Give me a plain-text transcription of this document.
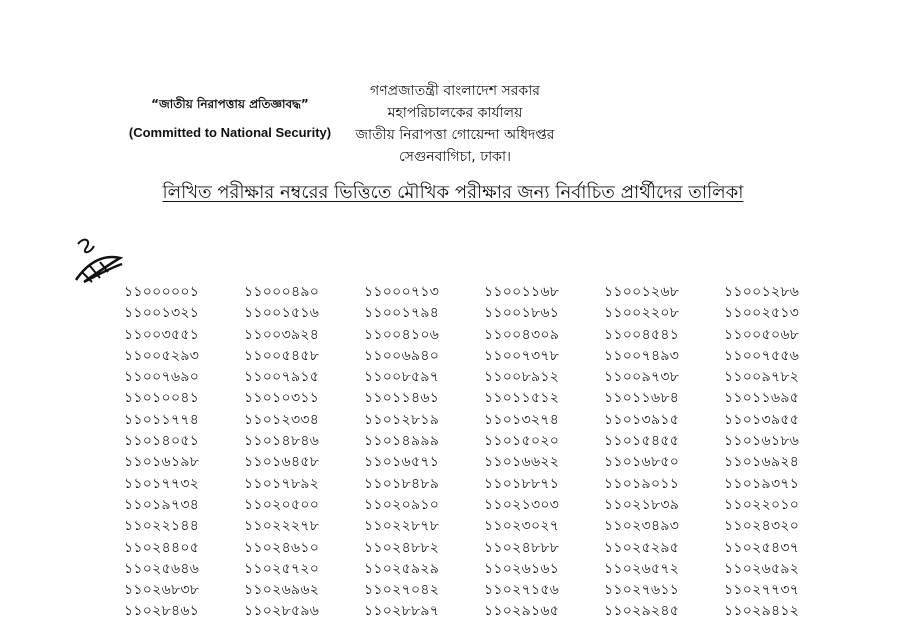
“জাতীয় নিরাপত্তায় প্রতিজ্ঞাবদ্ধ”
(Committed to National Security)
গণপ্রজাতন্ত্রী বাংলাদেশ সরকার
মহাপরিচালকের কার্যালয়
জাতীয় নিরাপত্তা গোয়েন্দা অধিদপ্তর
সেগুনবাগিচা, ঢাকা।
লিখিত পরীক্ষার নম্বরের ভিত্তিতে মৌখিক পরীক্ষার জন্য নির্বাচিত প্রার্থীদের তালিকা
১১০০০০০১	১১০০০৪৯০	১১০০০৭১৩	১১০০১১৬৮	১১০০১২৬৮	১১০০১২৮৬
১১০০১৩২১	১১০০১৫১৬	১১০০১৭৯৪	১১০০১৮৬১	১১০০২২০৮	১১০০২৫১৩
১১০০৩৫৫১	১১০০৩৯২৪	১১০০৪১০৬	১১০০৪৩০৯	১১০০৪৫৪১	১১০০৫০৬৮
১১০০৫২৯৩	১১০০৫৪৫৮	১১০০৬৯৪০	১১০০৭৩৭৮	১১০০৭৪৯৩	১১০০৭৫৫৬
১১০০৭৬৯০	১১০০৭৯১৫	১১০০৮৫৯৭	১১০০৮৯১২	১১০০৯৭৩৮	১১০০৯৭৮২
১১০১০০৪১	১১০১০৩১১	১১০১১৪৬১	১১০১১৫১২	১১০১১৬৮৪	১১০১১৬৯৫
১১০১১৭৭৪	১১০১২৩৩৪	১১০১২৮১৯	১১০১৩২৭৪	১১০১৩৯১৫	১১০১৩৯৫৫
১১০১৪০৫১	১১০১৪৮৪৬	১১০১৪৯৯৯	১১০১৫০২০	১১০১৫৪৫৫	১১০১৬১৮৬
১১০১৬১৯৮	১১০১৬৪৫৮	১১০১৬৫৭১	১১০১৬৬২২	১১০১৬৮৫০	১১০১৬৯২৪
১১০১৭৭৩২	১১০১৭৮৯২	১১০১৮৪৮৯	১১০১৮৮৭১	১১০১৯০১১	১১০১৯৩৭১
১১০১৯৭৩৪	১১০২০৫০০	১১০২০৯১০	১১০২১৩০৩	১১০২১৮৩৯	১১০২২০১০
১১০২২১৪৪	১১০২২২৭৮	১১০২২৮৭৮	১১০২৩০২৭	১১০২৩৪৯৩	১১০২৪৩২০
১১০২৪৪০৫	১১০২৪৬১০	১১০২৪৮৮২	১১০২৪৮৮৮	১১০২৫২৯৫	১১০২৫৪৩৭
১১০২৫৬৪৬	১১০২৫৭২০	১১০২৫৯২৯	১১০২৬১৬১	১১০২৬৫৭২	১১০২৬৫৯২
১১০২৬৮৩৮	১১০২৬৯৬২	১১০২৭০৪২	১১০২৭১৫৬	১১০২৭৬১১	১১০২৭৭৩৭
১১০২৮৪৬১	১১০২৮৫৯৬	১১০২৮৮৯৭	১১০২৯১৬৫	১১০২৯২৪৫	১১০২৯৪১২
